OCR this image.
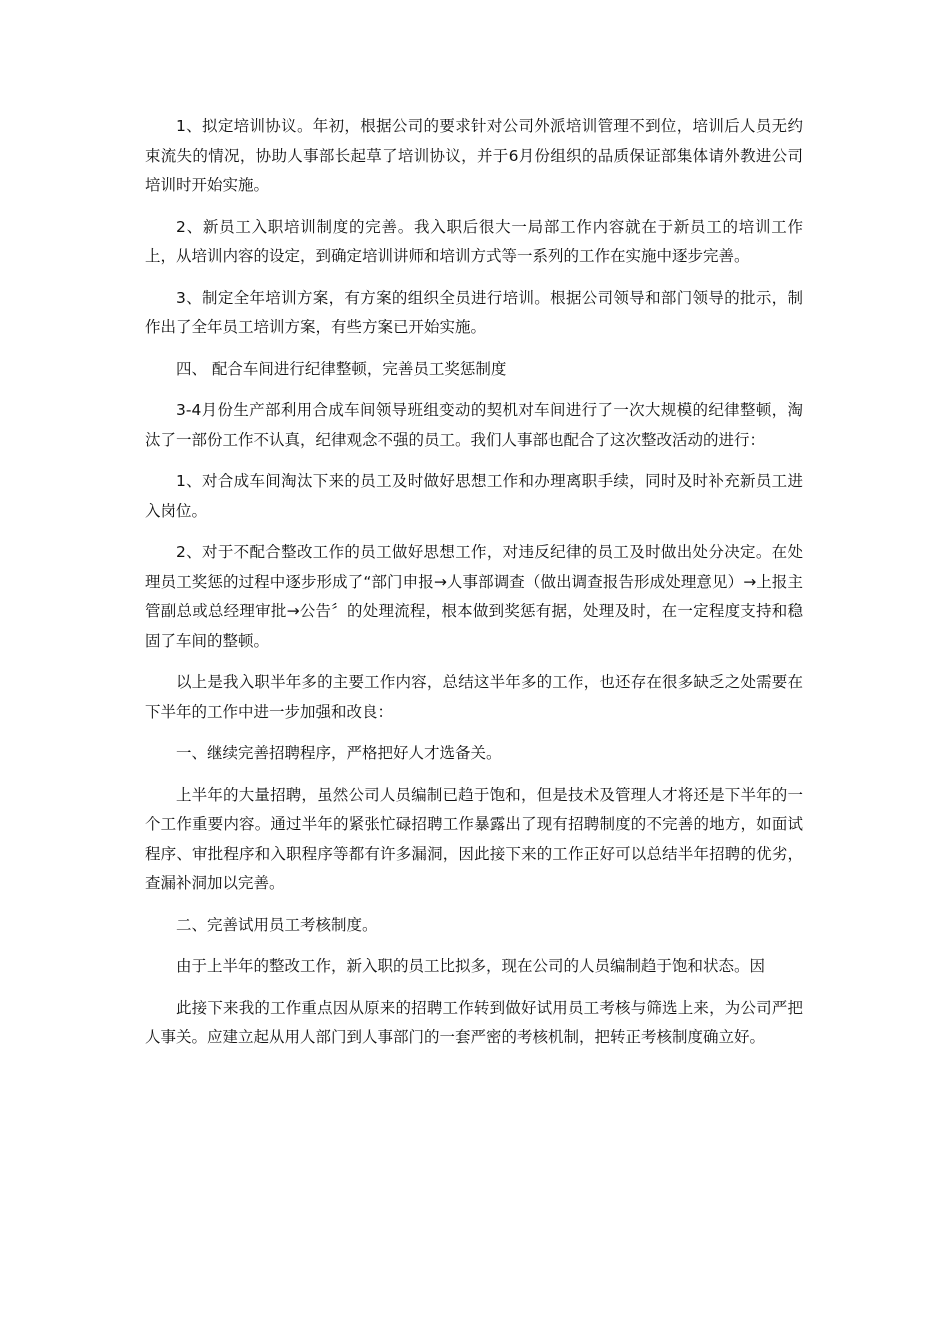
1、拟定培训协议。年初，根据公司的要求针对公司外派培训管理不到位，培训后人员无约束流失的情况，协助人事部长起草了培训协议，并于6月份组织的品质保证部集体请外教进公司培训时开始实施。

2、新员工入职培训制度的完善。我入职后很大一局部工作内容就在于新员工的培训工作上，从培训内容的设定，到确定培训讲师和培训方式等一系列的工作在实施中逐步完善。

3、制定全年培训方案，有方案的组织全员进行培训。根据公司领导和部门领导的批示，制作出了全年员工培训方案，有些方案已开始实施。

四、 配合车间进行纪律整顿，完善员工奖惩制度

3-4月份生产部利用合成车间领导班组变动的契机对车间进行了一次大规模的纪律整顿，淘汰了一部份工作不认真，纪律观念不强的员工。我们人事部也配合了这次整改活动的进行：

1、对合成车间淘汰下来的员工及时做好思想工作和办理离职手续，同时及时补充新员工进入岗位。

2、对于不配合整改工作的员工做好思想工作，对违反纪律的员工及时做出处分决定。在处理员工奖惩的过程中逐步形成了“部门申报→人事部调查（做出调查报告形成处理意见）→上报主管副总或总经理审批→公告〞的处理流程，根本做到奖惩有据，处理及时，在一定程度支持和稳固了车间的整顿。

以上是我入职半年多的主要工作内容，总结这半年多的工作，也还存在很多缺乏之处需要在下半年的工作中进一步加强和改良：

一、继续完善招聘程序，严格把好人才选备关。

上半年的大量招聘，虽然公司人员编制已趋于饱和，但是技术及管理人才将还是下半年的一个工作重要内容。通过半年的紧张忙碌招聘工作暴露出了现有招聘制度的不完善的地方，如面试程序、审批程序和入职程序等都有许多漏洞，因此接下来的工作正好可以总结半年招聘的优劣，查漏补洞加以完善。

二、完善试用员工考核制度。

由于上半年的整改工作，新入职的员工比拟多，现在公司的人员编制趋于饱和状态。因

此接下来我的工作重点因从原来的招聘工作转到做好试用员工考核与筛选上来，为公司严把人事关。应建立起从用人部门到人事部门的一套严密的考核机制，把转正考核制度确立好。
